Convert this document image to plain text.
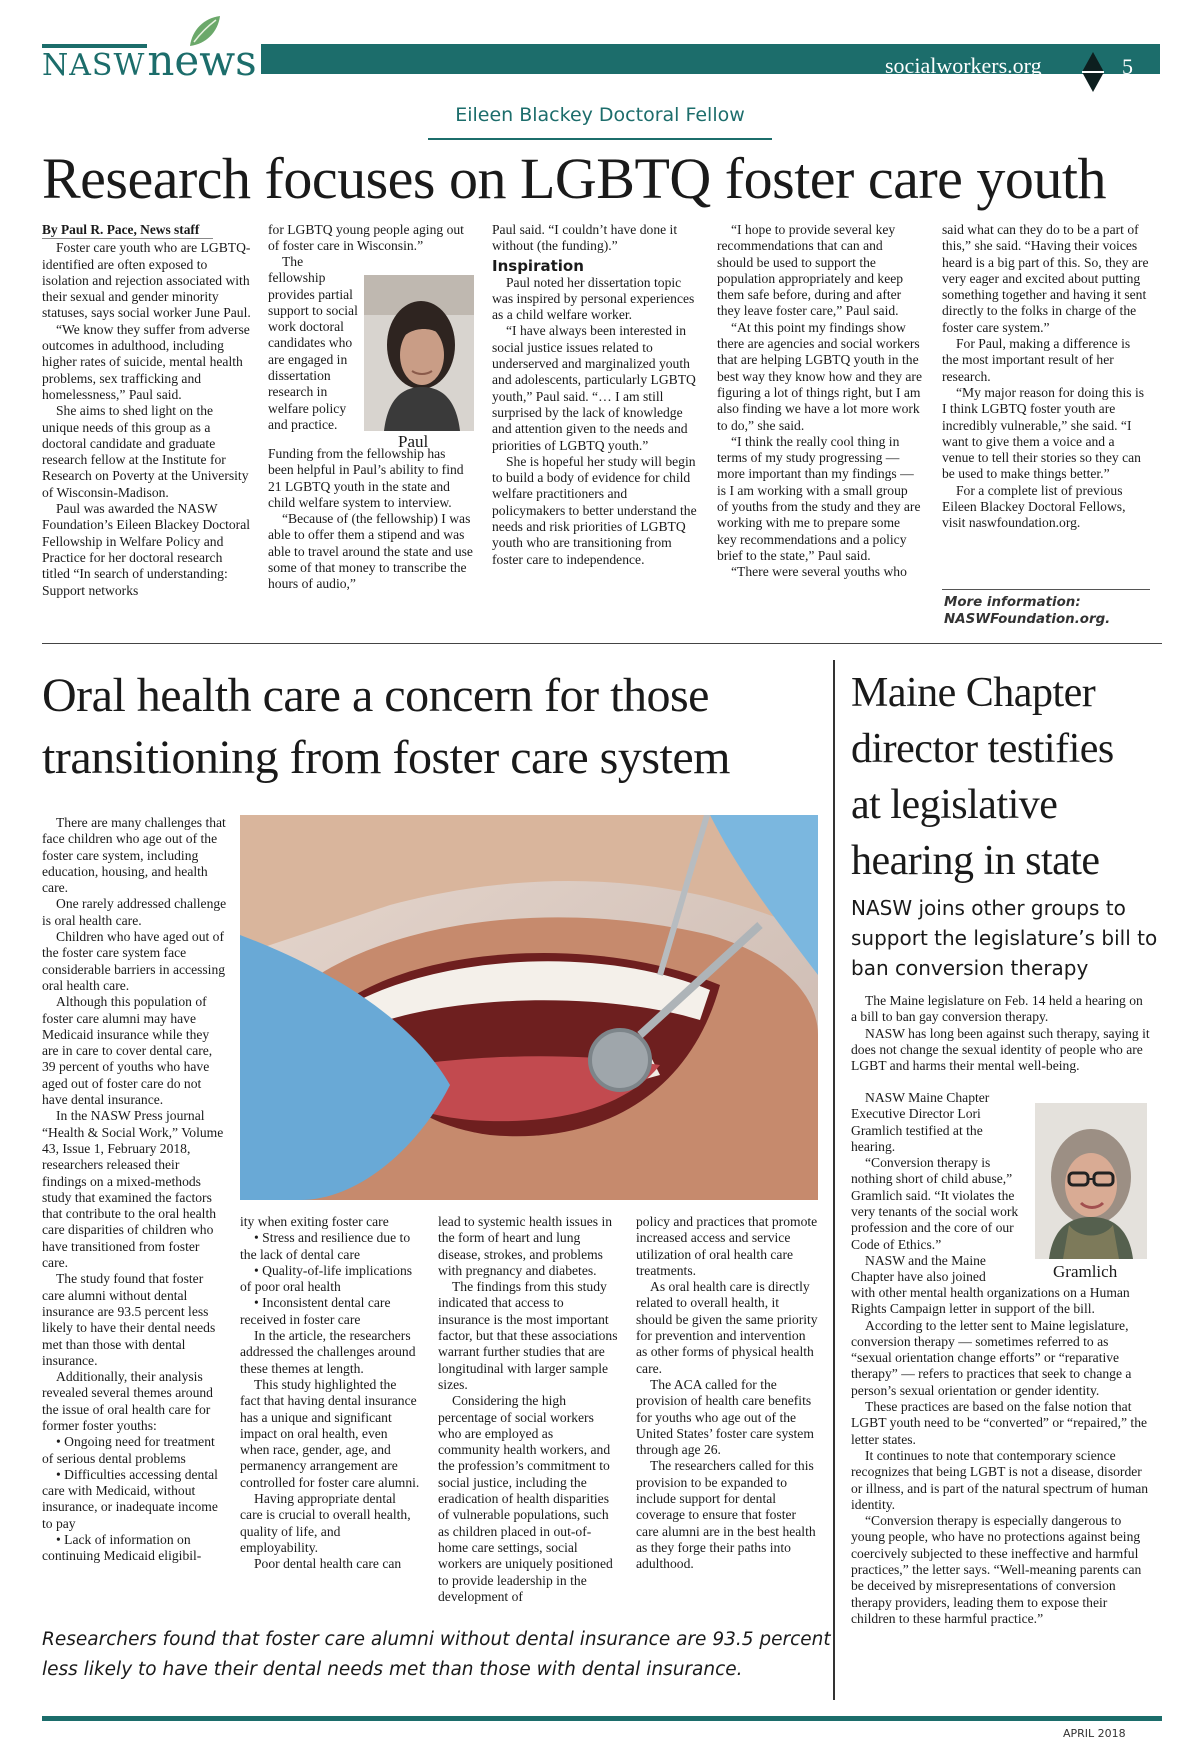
NASWnews	socialworkers.org	5
Eileen Blackey Doctoral Fellow
Research focuses on LGBTQ foster care youth
By Paul R. Pace, News staff

Foster care youth who are LGBTQ-identified are often exposed to isolation and rejection associated with their sexual and gender minority statuses, says social worker June Paul.

“We know they suffer from adverse outcomes in adulthood, including higher rates of suicide, mental health problems, sex trafficking and homelessness,” Paul said.

She aims to shed light on the unique needs of this group as a doctoral candidate and graduate research fellow at the Institute for Research on Poverty at the University of Wisconsin-Madison.

Paul was awarded the NASW Foundation’s Eileen Blackey Doctoral Fellowship in Welfare Policy and Practice for her doctoral research titled “In search of understanding: Support networks

for LGBTQ young people aging out of foster care in Wisconsin.”

The fellowship provides partial support to social work doctoral candidates who are engaged in dissertation research in welfare policy and practice.

Paul

Funding from the fellowship has been helpful in Paul’s ability to find 21 LGBTQ youth in the state and child welfare system to interview.

“Because of (the fellowship) I was able to offer them a stipend and was able to travel around the state and use some of that money to transcribe the hours of audio,”

Paul said. “I couldn’t have done it without (the funding).”

Inspiration

Paul noted her dissertation topic was inspired by personal experiences as a child welfare worker.

“I have always been interested in social justice issues related to underserved and marginalized youth and adolescents, particularly LGBTQ youth,” Paul said. “… I am still surprised by the lack of knowledge and attention given to the needs and priorities of LGBTQ youth.”

She is hopeful her study will begin to build a body of evidence for child welfare practitioners and policymakers to better understand the needs and risk priorities of LGBTQ youth who are transitioning from foster care to independence.

“I hope to provide several key recommendations that can and should be used to support the population appropriately and keep them safe before, during and after they leave foster care,” Paul said.

“At this point my findings show there are agencies and social workers that are helping LGBTQ youth in the best way they know how and they are figuring a lot of things right, but I am also finding we have a lot more work to do,” she said.

“I think the really cool thing in terms of my study progressing — more important than my findings — is I am working with a small group of youths from the study and they are working with me to prepare some key recommendations and a policy brief to the state,” Paul said.

“There were several youths who

said what can they do to be a part of this,” she said. “Having their voices heard is a big part of this. So, they are very eager and excited about putting something together and having it sent directly to the folks in charge of the foster care system.”

For Paul, making a difference is the most important result of her research.

“My major reason for doing this is I think LGBTQ foster youth are incredibly vulnerable,” she said. “I want to give them a voice and a venue to tell their stories so they can be used to make things better.”

For a complete list of previous Eileen Blackey Doctoral Fellows, visit naswfoundation.org.

More information:
NASWFoundation.org.
Oral health care a concern for those
transitioning from foster care system

There are many challenges that face children who age out of the foster care system, including education, housing, and health care.

One rarely addressed challenge is oral health care.

Children who have aged out of the foster care system face considerable barriers in accessing oral health care.

Although this population of foster care alumni may have Medicaid insurance while they are in care to cover dental care, 39 percent of youths who have aged out of foster care do not have dental insurance.

In the NASW Press journal “Health & Social Work,” Volume 43, Issue 1, February 2018, researchers released their findings on a mixed-methods study that examined the factors that contribute to the oral health care disparities of children who have transitioned from foster care.

The study found that foster care alumni without dental insurance are 93.5 percent less likely to have their dental needs met than those with dental insurance.

Additionally, their analysis revealed several themes around the issue of oral health care for former foster youths:

• Ongoing need for treatment of serious dental problems

• Difficulties accessing dental care with Medicaid, without insurance, or inadequate income to pay

• Lack of information on continuing Medicaid eligibil-

ity when exiting foster care

• Stress and resilience due to the lack of dental care

• Quality-of-life implications of poor oral health

• Inconsistent dental care received in foster care

In the article, the researchers addressed the challenges around these themes at length.

This study highlighted the fact that having dental insurance has a unique and significant impact on oral health, even when race, gender, age, and permanency arrangement are controlled for foster care alumni.

Having appropriate dental care is crucial to overall health, quality of life, and employability.

Poor dental health care can

lead to systemic health issues in the form of heart and lung disease, strokes, and problems with pregnancy and diabetes.

The findings from this study indicated that access to insurance is the most important factor, but that these associations warrant further studies that are longitudinal with larger sample sizes.

Considering the high percentage of social workers who are employed as community health workers, and the profession’s commitment to social justice, including the eradication of health disparities of vulnerable populations, such as children placed in out-of-home care settings, social workers are uniquely positioned to provide leadership in the development of

policy and practices that promote increased access and service utilization of oral health care treatments.

As oral health care is directly related to overall health, it should be given the same priority for prevention and intervention as other forms of physical health care.

The ACA called for the provision of health care benefits for youths who age out of the United States’ foster care system through age 26.

The researchers called for this provision to be expanded to include support for dental coverage to ensure that foster care alumni are in the best health as they forge their paths into adulthood.

Researchers found that foster care alumni without dental insurance are 93.5 percent less likely to have their dental needs met than those with dental insurance.
Maine Chapter
director testifies
at legislative
hearing in state
NASW joins other groups to
support the legislature’s bill to
ban conversion therapy

The Maine legislature on Feb. 14 held a hearing on a bill to ban gay conversion therapy.

NASW has long been against such therapy, saying it does not change the sexual identity of people who are LGBT and harms their mental well-being.

NASW Maine Chapter Executive Director Lori Gramlich testified at the hearing.

“Conversion therapy is nothing short of child abuse,” Gramlich said. “It violates the very tenants of the social work profession and the core of our Code of Ethics.”

NASW and the Maine Chapter have also joined	Gramlich

with other mental health organizations on a Human Rights Campaign letter in support of the bill.

According to the letter sent to Maine legislature, conversion therapy — sometimes referred to as “sexual orientation change efforts” or “reparative therapy” — refers to practices that seek to change a person’s sexual orientation or gender identity.

These practices are based on the false notion that LGBT youth need to be “converted” or “repaired,” the letter states.

It continues to note that contemporary science recognizes that being LGBT is not a disease, disorder or illness, and is part of the natural spectrum of human identity.

“Conversion therapy is especially dangerous to young people, who have no protections against being coercively subjected to these ineffective and harmful practices,” the letter says. “Well-meaning parents can be deceived by misrepresentations of conversion therapy providers, leading them to expose their children to these harmful practice.”

APRIL 2018
